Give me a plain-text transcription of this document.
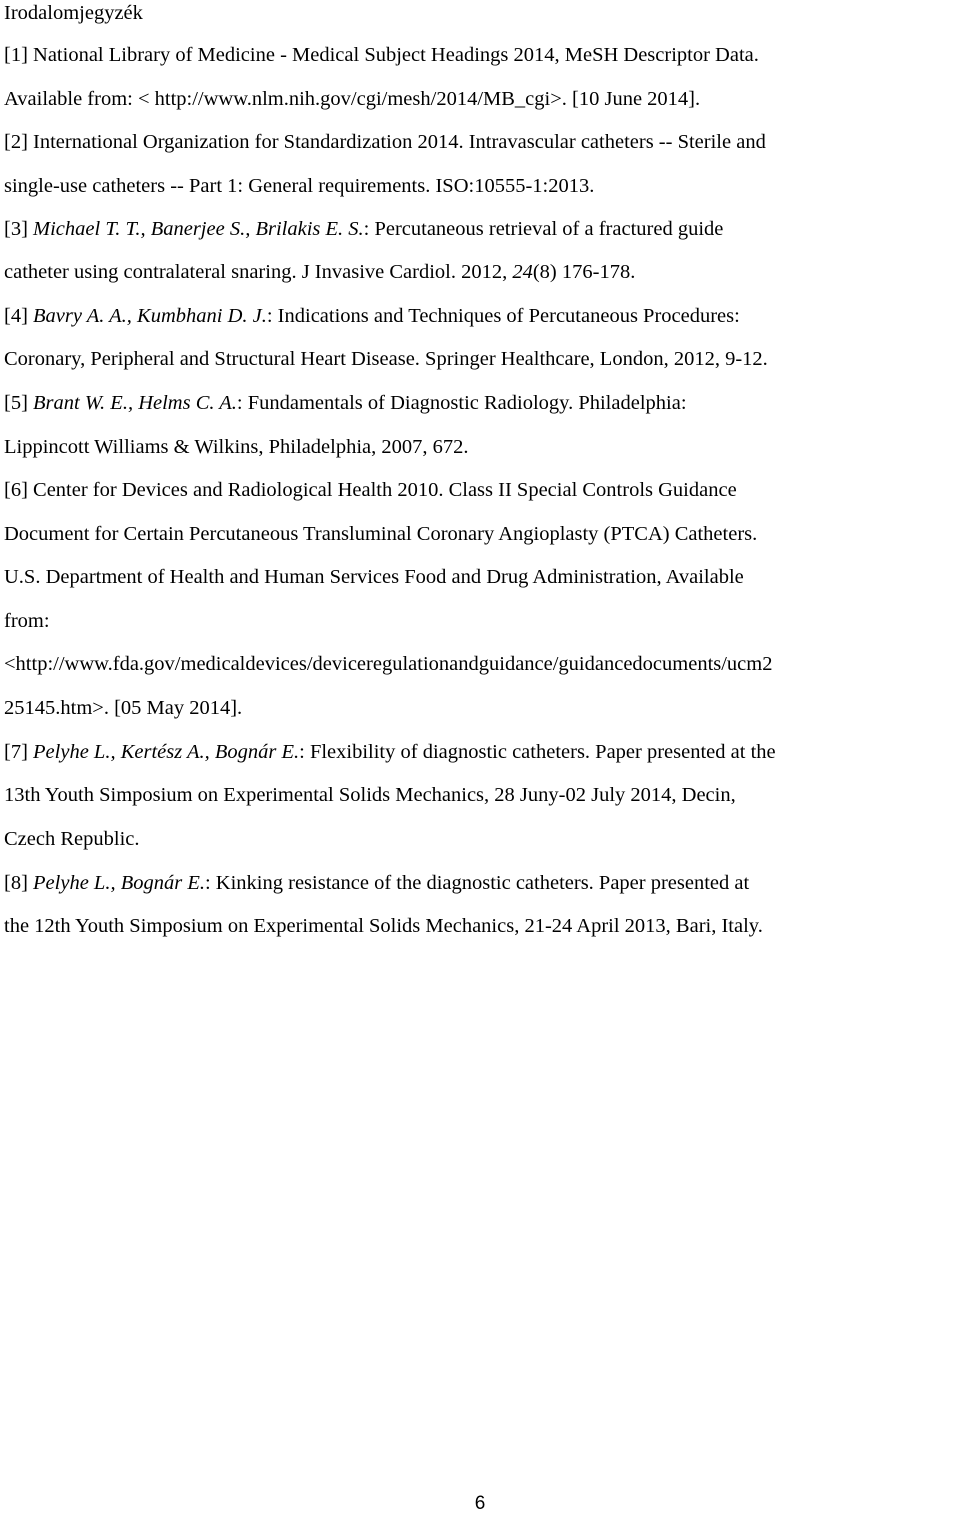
Irodalomjegyzék
[1] National Library of Medicine - Medical Subject Headings 2014, MeSH Descriptor Data.
Available from: < http://www.nlm.nih.gov/cgi/mesh/2014/MB_cgi>. [10 June 2014].
[2] International Organization for Standardization 2014. Intravascular catheters -- Sterile and
single-use catheters -- Part 1: General requirements. ISO:10555-1:2013.
[3] Michael T. T., Banerjee S., Brilakis E. S.: Percutaneous retrieval of a fractured guide
catheter using contralateral snaring. J Invasive Cardiol. 2012, 24(8) 176-178.
[4] Bavry A. A., Kumbhani D. J.: Indications and Techniques of Percutaneous Procedures:
Coronary, Peripheral and Structural Heart Disease. Springer Healthcare, London, 2012, 9-12.
[5] Brant W. E., Helms C. A.: Fundamentals of Diagnostic Radiology. Philadelphia:
Lippincott Williams & Wilkins, Philadelphia, 2007, 672.
[6] Center for Devices and Radiological Health 2010. Class II Special Controls Guidance
Document for Certain Percutaneous Transluminal Coronary Angioplasty (PTCA) Catheters.
U.S. Department of Health and Human Services Food and Drug Administration, Available
from:
<http://www.fda.gov/medicaldevices/deviceregulationandguidance/guidancedocuments/ucm2
25145.htm>. [05 May 2014].
[7] Pelyhe L., Kertész A., Bognár E.: Flexibility of diagnostic catheters. Paper presented at the
13th Youth Simposium on Experimental Solids Mechanics, 28 Juny-02 July 2014, Decin,
Czech Republic.
[8] Pelyhe L., Bognár E.: Kinking resistance of the diagnostic catheters. Paper presented at
the 12th Youth Simposium on Experimental Solids Mechanics, 21-24 April 2013, Bari, Italy.
6
